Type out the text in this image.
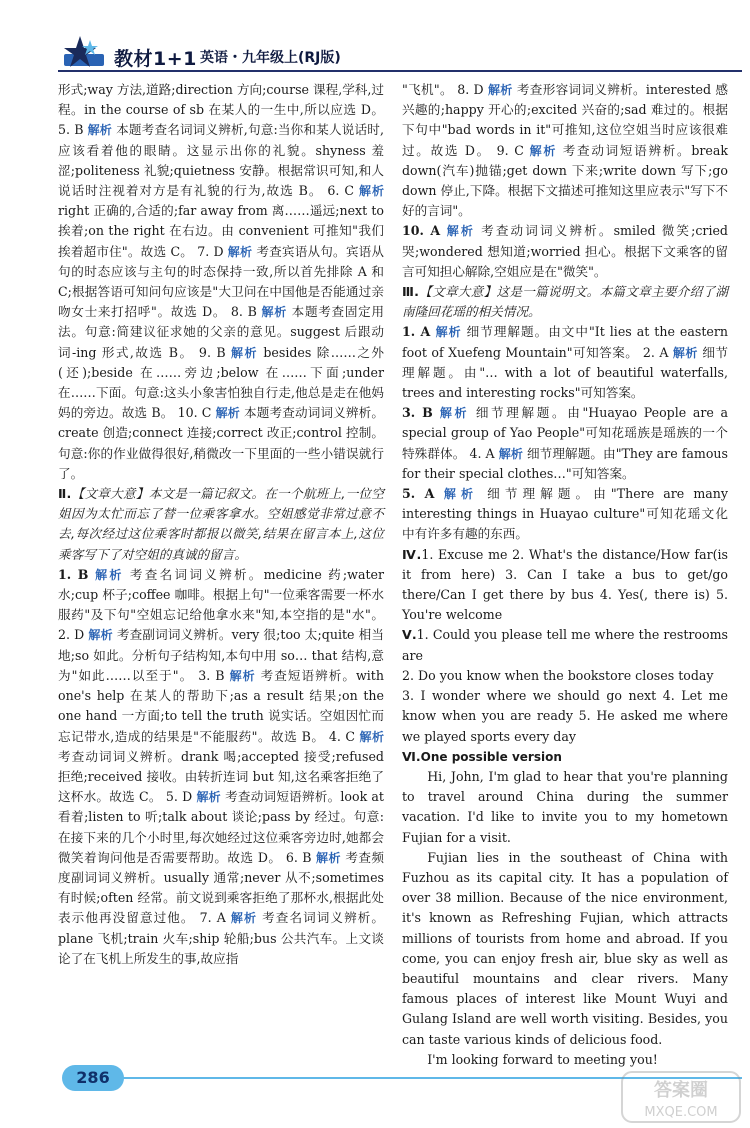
教材1+1 英语・九年级上(RJ版)

形式;way 方法,道路;direction 方向;course 课程,学科,过程。in the course of sb 在某人的一生中,所以应选 D。 5. B 解析 本题考查名词词义辨析,句意:当你和某人说话时,应该看着他的眼睛。这显示出你的礼貌。shyness 羞涩;politeness 礼貌;quietness 安静。根据常识可知,和人说话时注视着对方是有礼貌的行为,故选 B。 6. C 解析 right 正确的,合适的;far away from 离……遥远;next to 挨着;on the right 在右边。由 convenient 可推知"我们挨着超市住"。故选 C。 7. D 解析 考查宾语从句。宾语从句的时态应该与主句的时态保持一致,所以首先排除 A 和 C;根据答语可知问句应该是"大卫问在中国他是否能通过亲吻女士来打招呼"。故选 D。 8. B 解析 本题考查固定用法。句意:简建议征求她的父亲的意见。suggest 后跟动词-ing 形式,故选 B。 9. B 解析 besides 除……之外(还);beside 在……旁边;below 在……下面;under 在……下面。句意:这头小象害怕独自行走,他总是走在他妈妈的旁边。故选 B。 10. C 解析 本题考查动词词义辨析。create 创造;connect 连接;correct 改正;control 控制。句意:你的作业做得很好,稍微改一下里面的一些小错误就行了。

Ⅱ.【文章大意】本文是一篇记叙文。在一个航班上,一位空姐因为太忙而忘了替一位乘客拿水。空姐感觉非常过意不去,每次经过这位乘客时都报以微笑,结果在留言本上,这位乘客写下了对空姐的真诚的留言。

1. B 解析 考查名词词义辨析。medicine 药;water 水;cup 杯子;coffee 咖啡。根据上句"一位乘客需要一杯水服药"及下句"空姐忘记给他拿水来"知,本空指的是"水"。 2. D 解析 考查副词词义辨析。very 很;too 太;quite 相当地;so 如此。分析句子结构知,本句中用 so… that 结构,意为"如此……以至于"。 3. B 解析 考查短语辨析。with one's help 在某人的帮助下;as a result 结果;on the one hand 一方面;to tell the truth 说实话。空姐因忙而忘记带水,造成的结果是"不能服药"。故选 B。 4. C 解析 考查动词词义辨析。drank 喝;accepted 接受;refused 拒绝;received 接收。由转折连词 but 知,这名乘客拒绝了这杯水。故选 C。 5. D 解析 考查动词短语辨析。look at 看着;listen to 听;talk about 谈论;pass by 经过。句意:在接下来的几个小时里,每次她经过这位乘客旁边时,她都会微笑着询问他是否需要帮助。故选 D。 6. B 解析 考查频度副词词义辨析。usually 通常;never 从不;sometimes 有时候;often 经常。前文说到乘客拒绝了那杯水,根据此处表示他再没留意过他。 7. A 解析 考查名词词义辨析。plane 飞机;train 火车;ship 轮船;bus 公共汽车。上文谈论了在飞机上所发生的事,故应指

"飞机"。 8. D 解析 考查形容词词义辨析。interested 感兴趣的;happy 开心的;excited 兴奋的;sad 难过的。根据下句中"bad words in it"可推知,这位空姐当时应该很难过。故选 D。 9. C 解析 考查动词短语辨析。break down(汽车)抛锚;get down 下来;write down 写下;go down 停止,下降。根据下文描述可推知这里应表示"写下不好的言词"。

10. A 解析 考查动词词义辨析。smiled 微笑;cried 哭;wondered 想知道;worried 担心。根据下文乘客的留言可知担心解除,空姐应是在"微笑"。

Ⅲ.【文章大意】这是一篇说明文。本篇文章主要介绍了湖南隆回花瑶的相关情况。

1. A 解析 细节理解题。由文中"It lies at the eastern foot of Xuefeng Mountain"可知答案。 2. A 解析 细节理解题。由"… with a lot of beautiful waterfalls, trees and interesting rocks"可知答案。

3. B 解析 细节理解题。由"Huayao People are a special group of Yao People"可知花瑶族是瑶族的一个特殊群体。 4. A 解析 细节理解题。由"They are famous for their special clothes…"可知答案。

5. A 解析 细节理解题。由"There are many interesting things in Huayao culture"可知花瑶文化中有许多有趣的东西。

Ⅳ.1. Excuse me 2. What's the distance/How far(is it from here) 3. Can I take a bus to get/go there/Can I get there by bus 4. Yes(, there is) 5. You're welcome

Ⅴ.1. Could you please tell me where the restrooms are

2. Do you know when the bookstore closes today

3. I wonder where we should go next 4. Let me know when you are ready 5. He asked me where we played sports every day

Ⅵ.One possible version

Hi, John, I'm glad to hear that you're planning to travel around China during the summer vacation. I'd like to invite you to my hometown Fujian for a visit.

Fujian lies in the southeast of China with Fuzhou as its capital city. It has a population of over 38 million. Because of the nice environment, it's known as Refreshing Fujian, which attracts millions of tourists from home and abroad. If you come, you can enjoy fresh air, blue sky as well as beautiful mountains and clear rivers. Many famous places of interest like Mount Wuyi and Gulang Island are well worth visiting. Besides, you can taste various kinds of delicious food.

I'm looking forward to meeting you!

286
答案圈
MXQE.COM
